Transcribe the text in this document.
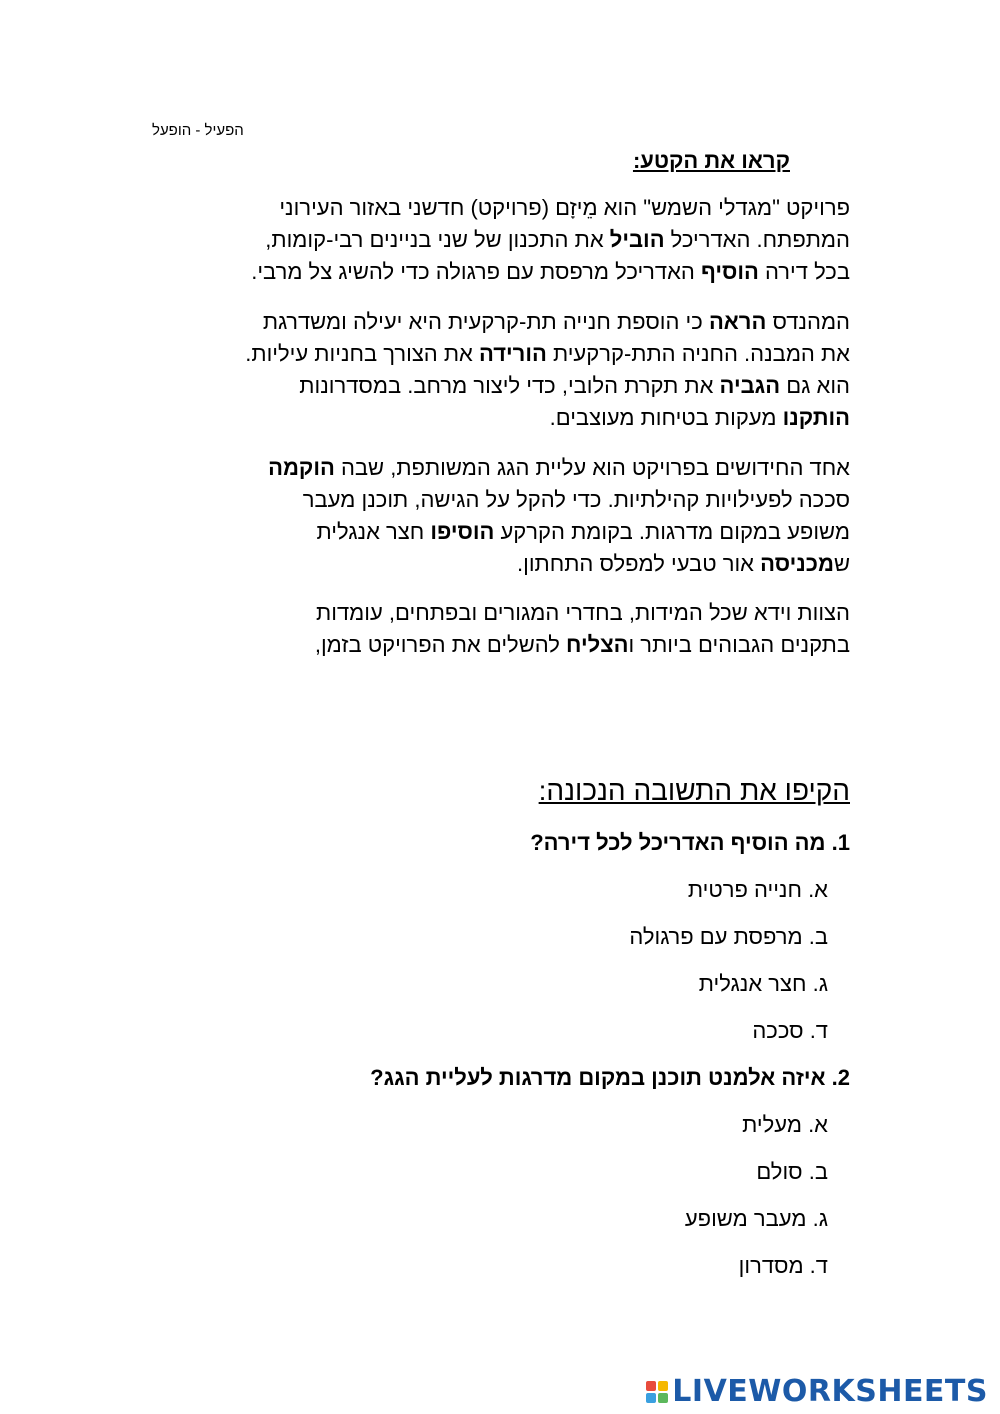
הפעיל - הופעל
קראו את הקטע:
פרויקט "מגדלי השמש" הוא מֵיזָם (פרויקט) חדשני באזור העירוני
המתפתח. האדריכל הוביל את התכנון של שני בניינים רבי-קומות,
בכל דירה הוסיף האדריכל מרפסת עם פרגולה כדי להשיג צל מרבי.
המהנדס הראה כי הוספת חנייה תת-קרקעית היא יעילה ומשדרגת
את המבנה. החניה התת-קרקעית הורידה את הצורך בחניות עיליות.
הוא גם הגביה את תקרת הלובי, כדי ליצור מרחב. במסדרונות
הותקנו מעקות בטיחות מעוצבים.
אחד החידושים בפרויקט הוא עליית הגג המשותפת, שבה הוקמה
סככה לפעילויות קהילתיות. כדי להקל על הגישה, תוכנן מעבר
משופע במקום מדרגות. בקומת הקרקע הוסיפו חצר אנגלית
שמכניסה אור טבעי למפלס התחתון.
הצוות וידא שכל המידות, בחדרי המגורים ובפתחים, עומדות
בתקנים הגבוהים ביותר והצליח להשלים את הפרויקט בזמן,
הקיפו את התשובה הנכונה:
1. מה הוסיף האדריכל לכל דירה?
א. חנייה פרטית
ב. מרפסת עם פרגולה
ג. חצר אנגלית
ד. סככה
2. איזה אלמנט תוכנן במקום מדרגות לעליית הגג?
א. מעלית
ב. סולם
ג. מעבר משופע
ד. מסדרון
LIVEWORKSHEETS
